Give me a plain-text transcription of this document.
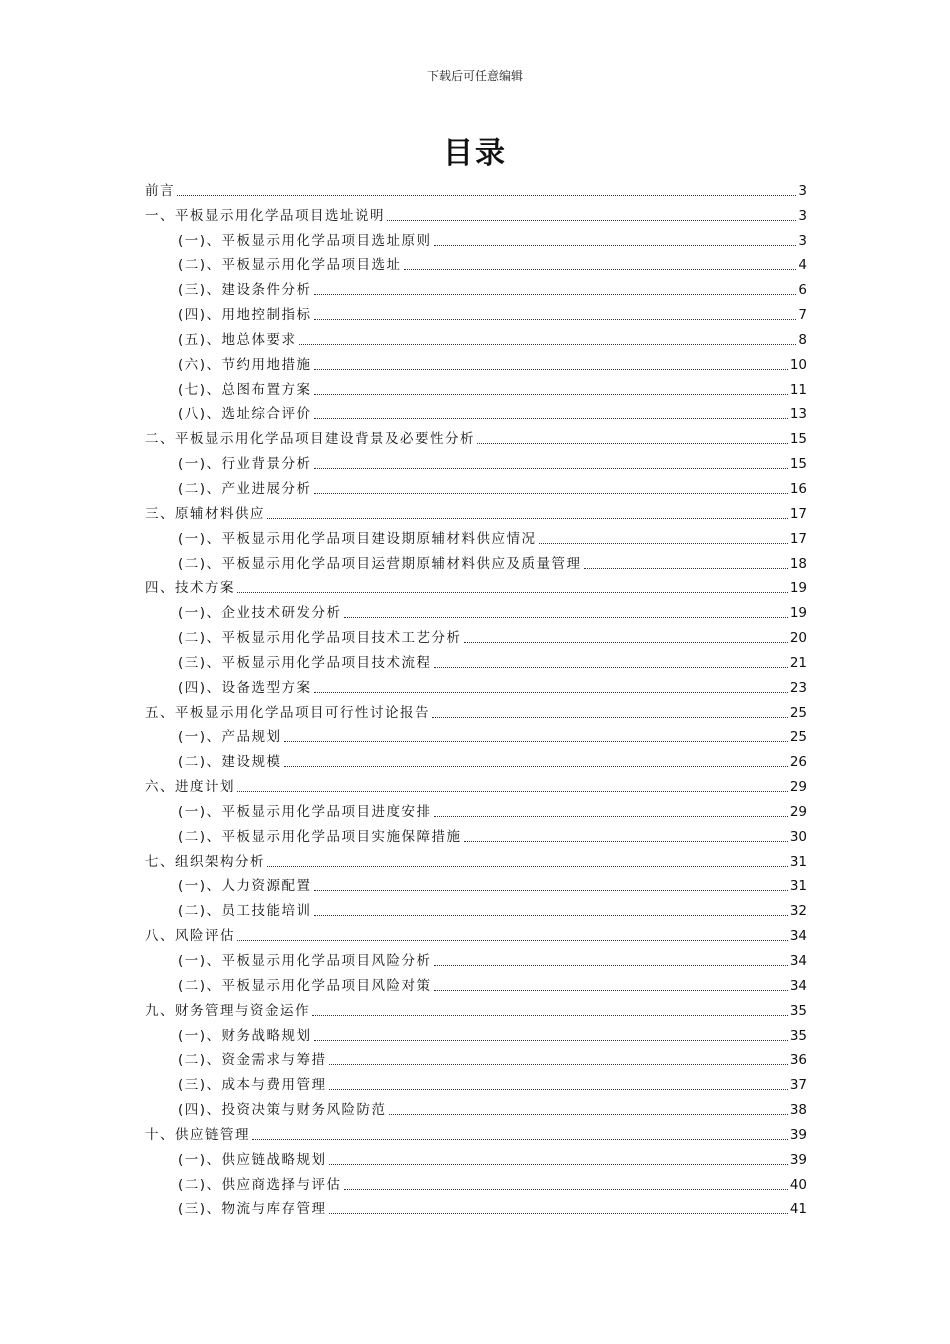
下载后可任意编辑
目录
前言	3
一、平板显示用化学品项目选址说明	3
(一)、平板显示用化学品项目选址原则	3
(二)、平板显示用化学品项目选址	4
(三)、建设条件分析	6
(四)、用地控制指标	7
(五)、地总体要求	8
(六)、节约用地措施	10
(七)、总图布置方案	11
(八)、选址综合评价	13
二、平板显示用化学品项目建设背景及必要性分析	15
(一)、行业背景分析	15
(二)、产业进展分析	16
三、原辅材料供应	17
(一)、平板显示用化学品项目建设期原辅材料供应情况	17
(二)、平板显示用化学品项目运营期原辅材料供应及质量管理	18
四、技术方案	19
(一)、企业技术研发分析	19
(二)、平板显示用化学品项目技术工艺分析	20
(三)、平板显示用化学品项目技术流程	21
(四)、设备选型方案	23
五、平板显示用化学品项目可行性讨论报告	25
(一)、产品规划	25
(二)、建设规模	26
六、进度计划	29
(一)、平板显示用化学品项目进度安排	29
(二)、平板显示用化学品项目实施保障措施	30
七、组织架构分析	31
(一)、人力资源配置	31
(二)、员工技能培训	32
八、风险评估	34
(一)、平板显示用化学品项目风险分析	34
(二)、平板显示用化学品项目风险对策	34
九、财务管理与资金运作	35
(一)、财务战略规划	35
(二)、资金需求与筹措	36
(三)、成本与费用管理	37
(四)、投资决策与财务风险防范	38
十、供应链管理	39
(一)、供应链战略规划	39
(二)、供应商选择与评估	40
(三)、物流与库存管理	41
